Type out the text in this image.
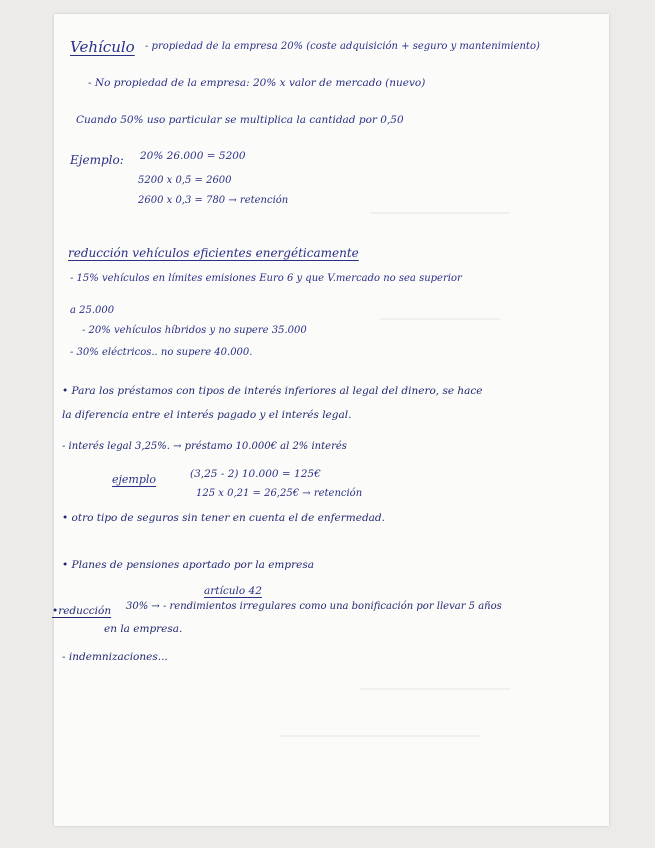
Vehículo - propiedad de la empresa 20% (coste adquisición + seguro y mantenimiento)
- No propiedad de la empresa: 20% x valor de mercado (nuevo)
Cuando 50% uso particular se multiplica la cantidad por 0,50
Ejemplo: 20% 26.000 = 5200
5200 x 0,5 = 2600
2600 x 0,3 = 780 → retención
reducción vehículos eficientes energéticamente
- 15% vehículos en límites emisiones Euro 6 y que V.mercado no sea superior
a 25.000
- 20% vehículos híbridos y no supere 35.000
- 30% eléctricos.. no supere 40.000.
• Para los préstamos con tipos de interés inferiores al legal del dinero, se hace
la diferencia entre el interés pagado y el interés legal.
- interés legal 3,25%. → préstamo 10.000€ al 2% interés
ejemplo	(3,25 - 2) 10.000 = 125€
125 x 0,21 = 26,25€ → retención
• otro tipo de seguros sin tener en cuenta el de enfermedad.
• Planes de pensiones aportado por la empresa
artículo 42
•reducción 30% → - rendimientos irregulares como una bonificación por llevar 5 años
en la empresa.
- indemnizaciones...
